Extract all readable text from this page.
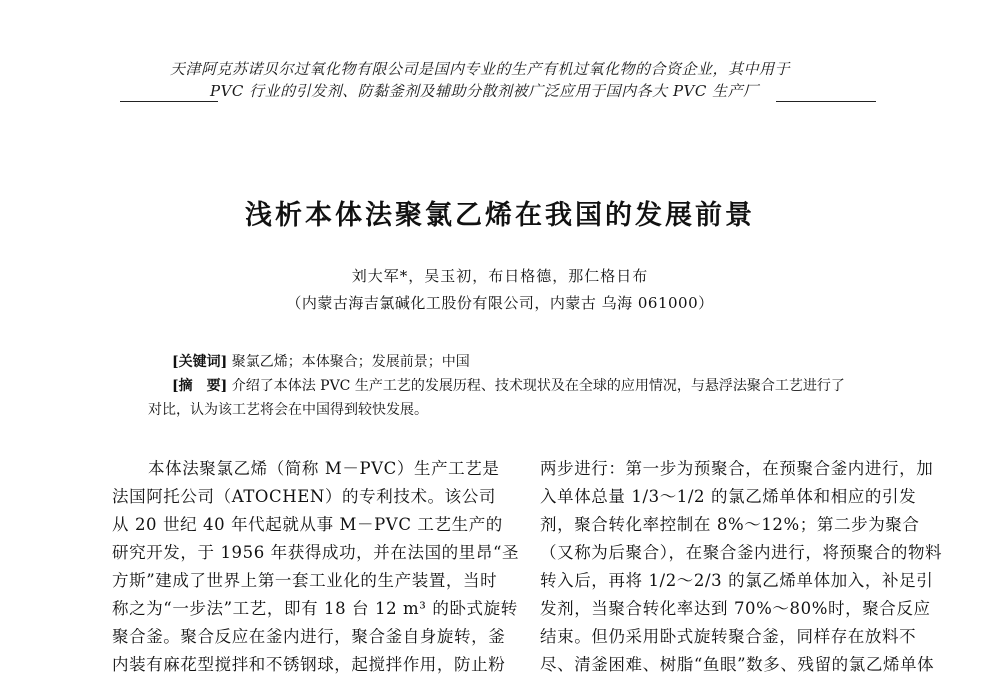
天津阿克苏诺贝尔过氧化物有限公司是国内专业的生产有机过氧化物的合资企业，其中用于
PVC 行业的引发剂、防黏釜剂及辅助分散剂被广泛应用于国内各大 PVC 生产厂
浅析本体法聚氯乙烯在我国的发展前景
刘大军*，吴玉初，布日格德，那仁格日布
（内蒙古海吉氯碱化工股份有限公司，内蒙古 乌海 061000）
[关键词] 聚氯乙烯；本体聚合；发展前景；中国
[摘　要] 介绍了本体法 PVC 生产工艺的发展历程、技术现状及在全球的应用情况，与悬浮法聚合工艺进行了
对比，认为该工艺将会在中国得到较快发展。
本体法聚氯乙烯（简称 M－PVC）生产工艺是
法国阿托公司（ATOCHEN）的专利技术。该公司
从 20 世纪 40 年代起就从事 M－PVC 工艺生产的
研究开发，于 1956 年获得成功，并在法国的里昂“圣
方斯”建成了世界上第一套工业化的生产装置，当时
称之为“一步法”工艺，即有 18 台 12 m³ 的卧式旋转
聚合釜。聚合反应在釜内进行，聚合釜自身旋转，釜
内装有麻花型搅拌和不锈钢球，起搅拌作用，防止粉
两步进行：第一步为预聚合，在预聚合釜内进行，加
入单体总量 1/3～1/2 的氯乙烯单体和相应的引发
剂，聚合转化率控制在 8%～12%；第二步为聚合
（又称为后聚合），在聚合釜内进行，将预聚合的物料
转入后，再将 1/2～2/3 的氯乙烯单体加入，补足引
发剂，当聚合转化率达到 70%～80%时，聚合反应
结束。但仍采用卧式旋转聚合釜，同样存在放料不
尽、清釜困难、树脂“鱼眼”数多、残留的氯乙烯单体
